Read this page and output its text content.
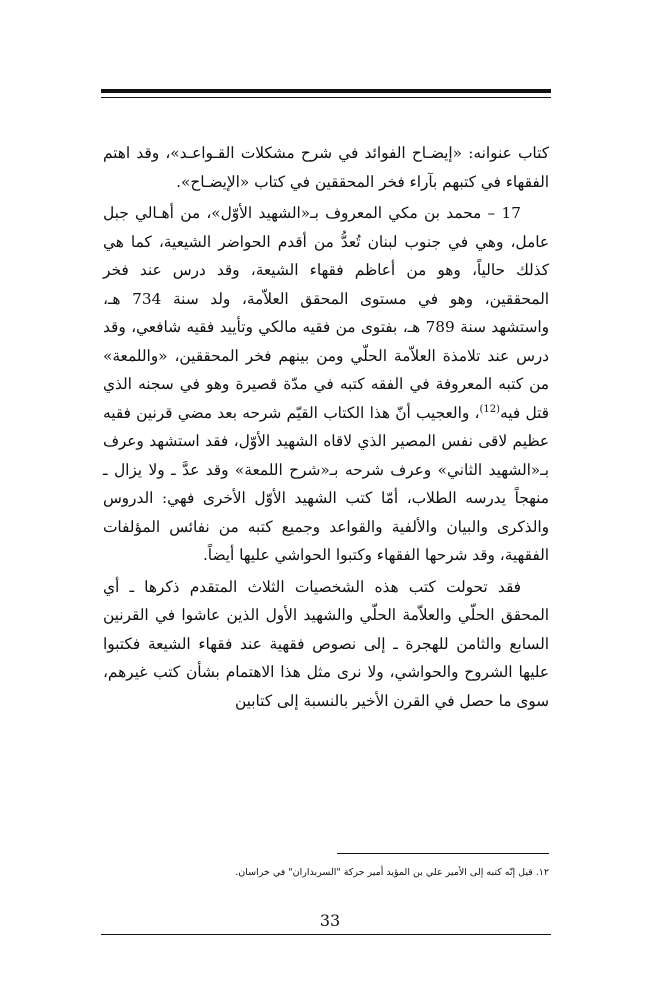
كتاب عنوانه: «إيضـاح الفوائد في شرح مشكلات القـواعـد»، وقد اهتم الفقهاء في كتبهم بآراء فخر المحققين في كتاب «الإيضـاح».

17 – محمد بن مكي المعروف بـ«الشهيد الأوّل»، من أهـالي جبل عامل، وهي في جنوب لبنان تُعدُّ من أقدم الحواضر الشيعية، كما هي كذلك حالياً، وهو من أعاظم فقهاء الشيعة، وقد درس عند فخر المحققين، وهو في مستوى المحقق العلاّمة، ولد سنة 734 هـ، واستشهد سنة 789 هـ، بفتوى من فقيه مالكي وتأييد فقيه شافعي، وقد درس عند تلامذة العلاّمة الحلّي ومن بينهم فخر المحققين، «واللمعة» من كتبه المعروفة في الفقه كتبه في مدّة قصيرة وهو في سجنه الذي قتل فيه$^{(12)}$، والعجيب أنّ هذا الكتاب القيّم شرحه بعد مضي قرنين فقيه عظيم لاقى نفس المصير الذي لاقاه الشهيد الأوّل، فقد استشهد وعرف بـ«الشهيد الثاني» وعرف شرحه بـ«شرح اللمعة» وقد عدَّ ـ ولا يزال ـ منهجاً يدرسه الطلاب، أمّا كتب الشهيد الأوّل الأخرى فهي: الدروس والذكرى والبيان والألفية والقواعد وجميع كتبه من نفائس المؤلفات الفقهية، وقد شرحها الفقهاء وكتبوا الحواشي عليها أيضاً.

فقد تحولت كتب هذه الشخصيات الثلاث المتقدم ذكرها ـ أي المحقق الحلّي والعلاّمة الحلّي والشهيد الأول الذين عاشوا في القرنين السابع والثامن للهجرة ـ إلى نصوص فقهية عند فقهاء الشيعة فكتبوا عليها الشروح والحواشي، ولا نرى مثل هذا الاهتمام بشأن كتب غيرهم، سوى ما حصل في القرن الأخير بالنسبة إلى كتابين

١٢. قيل إنّه كتبه إلى الأمير علي بن المؤيد أمير حركة "السربداران" في خراسان.
33
